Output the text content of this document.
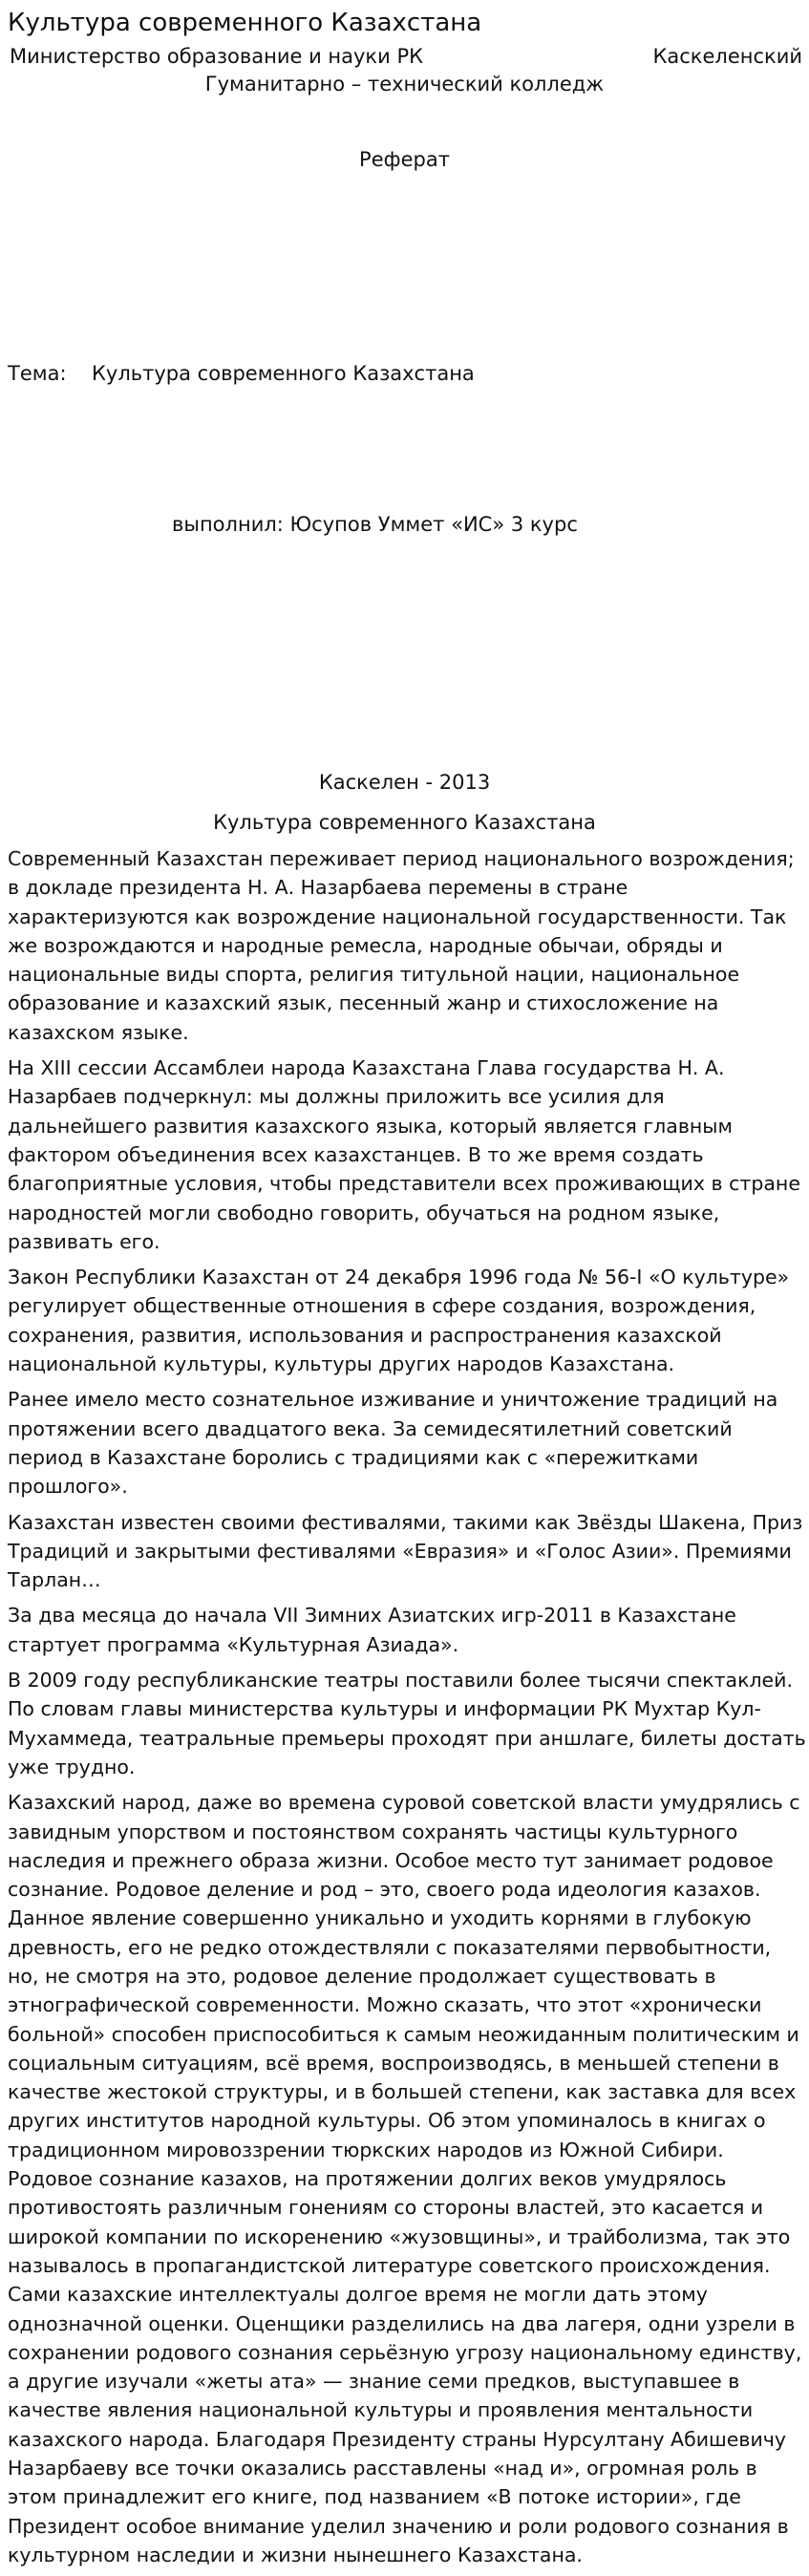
Культура современного Казахстана
Министерство образование и науки РК	Каскеленский
Гуманитарно – технический колледж
Реферат
Тема: Культура современного Казахстана
выполнил: Юсупов Уммет «ИС» 3 курс
Каскелен - 2013
Культура современного Казахстана

Современный Казахстан переживает период национального возрождения; в докладе президента Н. А. Назарбаева перемены в стране характеризуются как возрождение национальной государственности. Так же возрождаются и народные ремесла, народные обычаи, обряды и национальные виды спорта, религия титульной нации, национальное образование и казахский язык, песенный жанр и стихосложение на казахском языке.

На XIII сессии Ассамблеи народа Казахстана Глава государства Н. А. Назарбаев подчеркнул: мы должны приложить все усилия для дальнейшего развития казахского языка, который является главным фактором объединения всех казахстанцев. В то же время создать благоприятные условия, чтобы представители всех проживающих в стране народностей могли свободно говорить, обучаться на родном языке, развивать его.

Закон Республики Казахстан от 24 декабря 1996 года № 56-I «О культуре» регулирует общественные отношения в сфере создания, возрождения, сохранения, развития, использования и распространения казахской национальной культуры, культуры других народов Казахстана.

Ранее имело место сознательное изживание и уничтожение традиций на протяжении всего двадцатого века. За семидесятилетний советский период в Казахстане боролись с традициями как с «пережитками прошлого».

Казахстан известен своими фестивалями, такими как Звёзды Шакена, Приз Традиций и закрытыми фестивалями «Евразия» и «Голос Азии». Премиями Тарлан…

За два месяца до начала VII Зимних Азиатских игр-2011 в Казахстане стартует программа «Культурная Азиада».

В 2009 году республиканские театры поставили более тысячи спектаклей. По словам главы министерства культуры и информации РК Мухтар Кул-Мухаммеда, театральные премьеры проходят при аншлаге, билеты достать уже трудно.

Казахский народ, даже во времена суровой советской власти умудрялись с завидным упорством и постоянством сохранять частицы культурного наследия и прежнего образа жизни. Особое место тут занимает родовое сознание. Родовое деление и род – это, своего рода идеология казахов. Данное явление совершенно уникально и уходить корнями в глубокую древность, его не редко отождествляли с показателями первобытности, но, не смотря на это, родовое деление продолжает существовать в этнографической современности. Можно сказать, что этот «хронически больной» способен приспособиться к самым неожиданным политическим и социальным ситуациям, всё время, воспроизводясь, в меньшей степени в качестве жестокой структуры, и в большей степени, как заставка для всех других институтов народной культуры. Об этом упоминалось в книгах о традиционном мировоззрении тюркских народов из Южной Сибири. Родовое сознание казахов, на протяжении долгих веков умудрялось противостоять различным гонениям со стороны властей, это касается и широкой компании по искоренению «жузовщины», и трайболизма, так это называлось в пропагандистской литературе советского происхождения. Сами казахские интеллектуалы долгое время не могли дать этому однозначной оценки. Оценщики разделились на два лагеря, одни узрели в сохранении родового сознания серьёзную угрозу национальному единству, а другие изучали «жеты ата» — знание семи предков, выступавшее в качестве явления национальной культуры и проявления ментальности казахского народа. Благодаря Президенту страны Нурсултану Абишевичу Назарбаеву все точки оказались расставлены «над и», огромная роль в этом принадлежит его книге, под названием «В потоке истории», где Президент особое внимание уделил значению и роли родового сознания в культурном наследии и жизни нынешнего Казахстана.
